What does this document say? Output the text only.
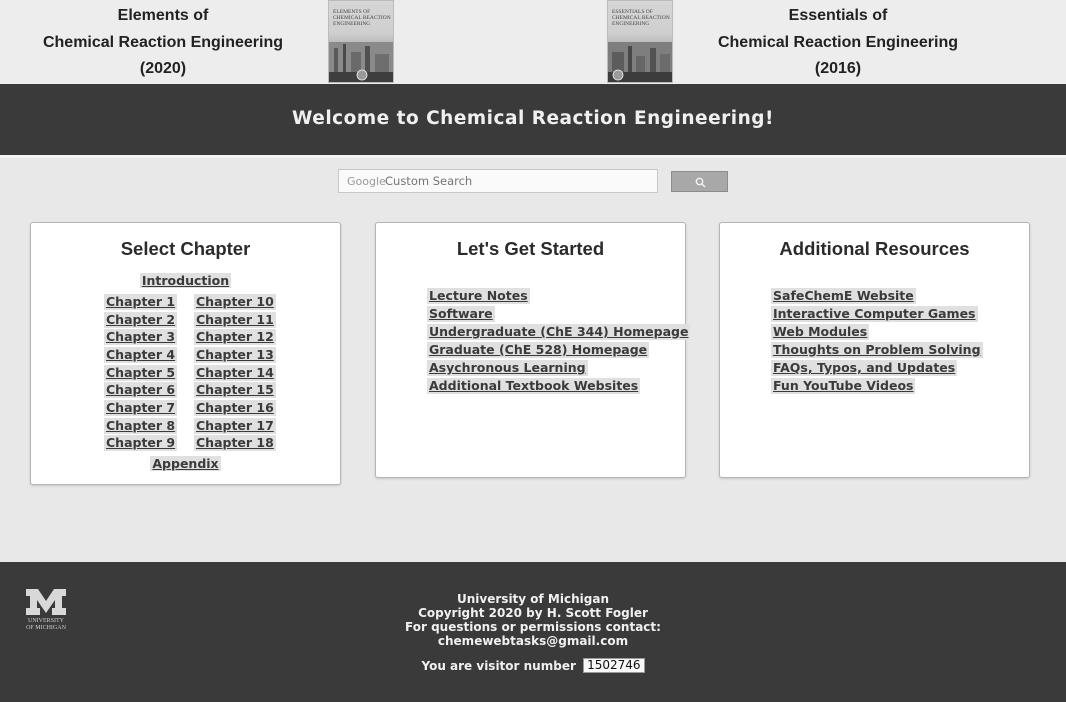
Elements of
Chemical Reaction Engineering
(2020)
ELEMENTS OF CHEMICAL REACTION ENGINEERING
ESSENTIALS OF CHEMICAL REACTION ENGINEERING	Essentials of
Chemical Reaction Engineering
(2016)
Welcome to Chemical Reaction Engineering!
Google
Custom Search
Select Chapter
Introduction
Chapter 1
Chapter 2
Chapter 3
Chapter 4
Chapter 5
Chapter 6
Chapter 7
Chapter 8
Chapter 9
Chapter 10
Chapter 11
Chapter 12
Chapter 13
Chapter 14
Chapter 15
Chapter 16
Chapter 17
Chapter 18
Appendix
Let's Get Started
Lecture Notes
Software
Undergraduate (ChE 344) Homepage
Graduate (ChE 528) Homepage
Asychronous Learning
Additional Textbook Websites
Additional Resources
SafeChemE Website
Interactive Computer Games
Web Modules
Thoughts on Problem Solving
FAQs, Typos, and Updates
Fun YouTube Videos
UNIVERSITY OF MICHIGAN
University of Michigan
Copyright 2020 by H. Scott Fogler
For questions or permissions contact:
chemewebtasks@gmail.com
You are visitor number 1502746
